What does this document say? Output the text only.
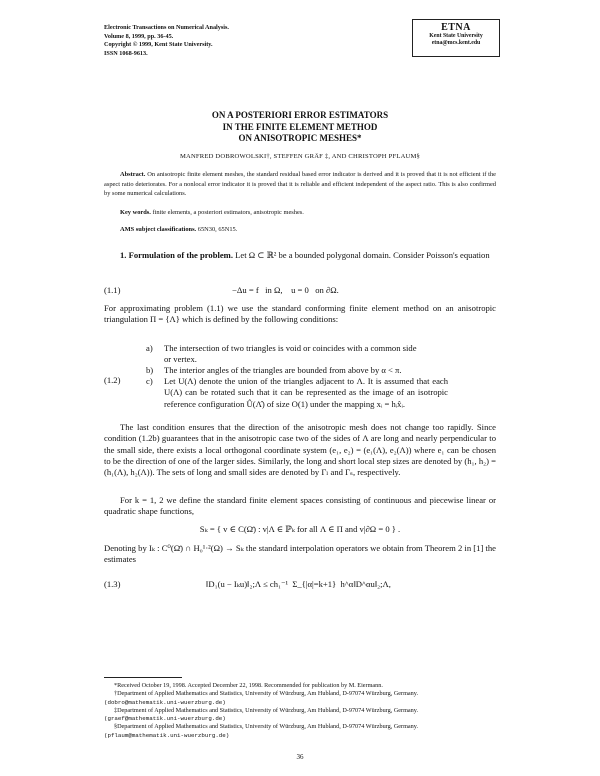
Electronic Transactions on Numerical Analysis.
Volume 8, 1999, pp. 36-45.
Copyright © 1999, Kent State University.
ISSN 1068-9613.
ETNA
Kent State University
etna@mcs.kent.edu
ON A POSTERIORI ERROR ESTIMATORS
IN THE FINITE ELEMENT METHOD
ON ANISOTROPIC MESHES*
MANFRED DOBROWOLSKI†, STEFFEN GRÄF ‡, AND CHRISTOPH PFLAUM§
Abstract. On anisotropic finite element meshes, the standard residual based error indicator is derived and it is proved that it is not efficient if the aspect ratio deteriorates. For a nonlocal error indicator it is proved that it is reliable and efficient independent of the aspect ratio. This is also confirmed by some numerical calculations.
Key words. finite elements, a posteriori estimators, anisotropic meshes.
AMS subject classifications. 65N30, 65N15.
1. Formulation of the problem. Let Ω ⊂ ℝ² be a bounded polygonal domain. Consider Poisson's equation
(1.1)	−Δu = f   in Ω,    u = 0   on ∂Ω.
For approximating problem (1.1) we use the standard conforming finite element method on an anisotropic triangulation Π = {Λ} which is defined by the following conditions:
(1.2)
a) The intersection of two triangles is void or coincides with a common side or vertex.
b) The interior angles of the triangles are bounded from above by α < π.
c) Let U(Λ) denote the union of the triangles adjacent to Λ. It is assumed that each U(Λ) can be rotated such that it can be represented as the image of an isotropic reference configuration Û(Λ̂) of size O(1) under the mapping xᵢ = hᵢx̂ᵢ.
The last condition ensures that the direction of the anisotropic mesh does not change too rapidly. Since condition (1.2b) guarantees that in the anisotropic case two of the sides of Λ are long and nearly perpendicular to the small side, there exists a local orthogonal coordinate system (e₁, e₂) = (e₁(Λ), e₂(Λ)) where e₁ can be chosen to be the direction of one of the larger sides. Similarly, the long and short local step sizes are denoted by (h₁, h₂) = (h₁(Λ), h₂(Λ)). The sets of long and small sides are denoted by Γₗ and Γₛ, respectively.
For k = 1, 2 we define the standard finite element spaces consisting of continuous and piecewise linear or quadratic shape functions,
Sₖ = { v ∈ C(Ω̄) : v|Λ ∈ ℙₖ for all Λ ∈ Π and v|∂Ω = 0 } .
Denoting by Iₖ : C⁰(Ω̄) ∩ H₀¹·²(Ω) → Sₖ the standard interpolation operators we obtain from Theorem 2 in [1] the estimates
(1.3)	‖D₁(u − Iₖu)‖₂;Λ ≤ ch₁⁻¹  Σ_{|α|=k+1}  h^α‖D^αu‖₂;Λ,
*Received October 19, 1998. Accepted December 22, 1998. Recommended for publication by M. Eiermann.
†Department of Applied Mathematics and Statistics, University of Würzburg, Am Hubland, D-97074 Würzburg, Germany. (dobro@mathematik.uni-wuerzburg.de)
‡Department of Applied Mathematics and Statistics, University of Würzburg, Am Hubland, D-97074 Würzburg, Germany. (graef@mathematik.uni-wuerzburg.de)
§Department of Applied Mathematics and Statistics, University of Würzburg, Am Hubland, D-97074 Würzburg, Germany. (pflaum@mathematik.uni-wuerzburg.de)
36
